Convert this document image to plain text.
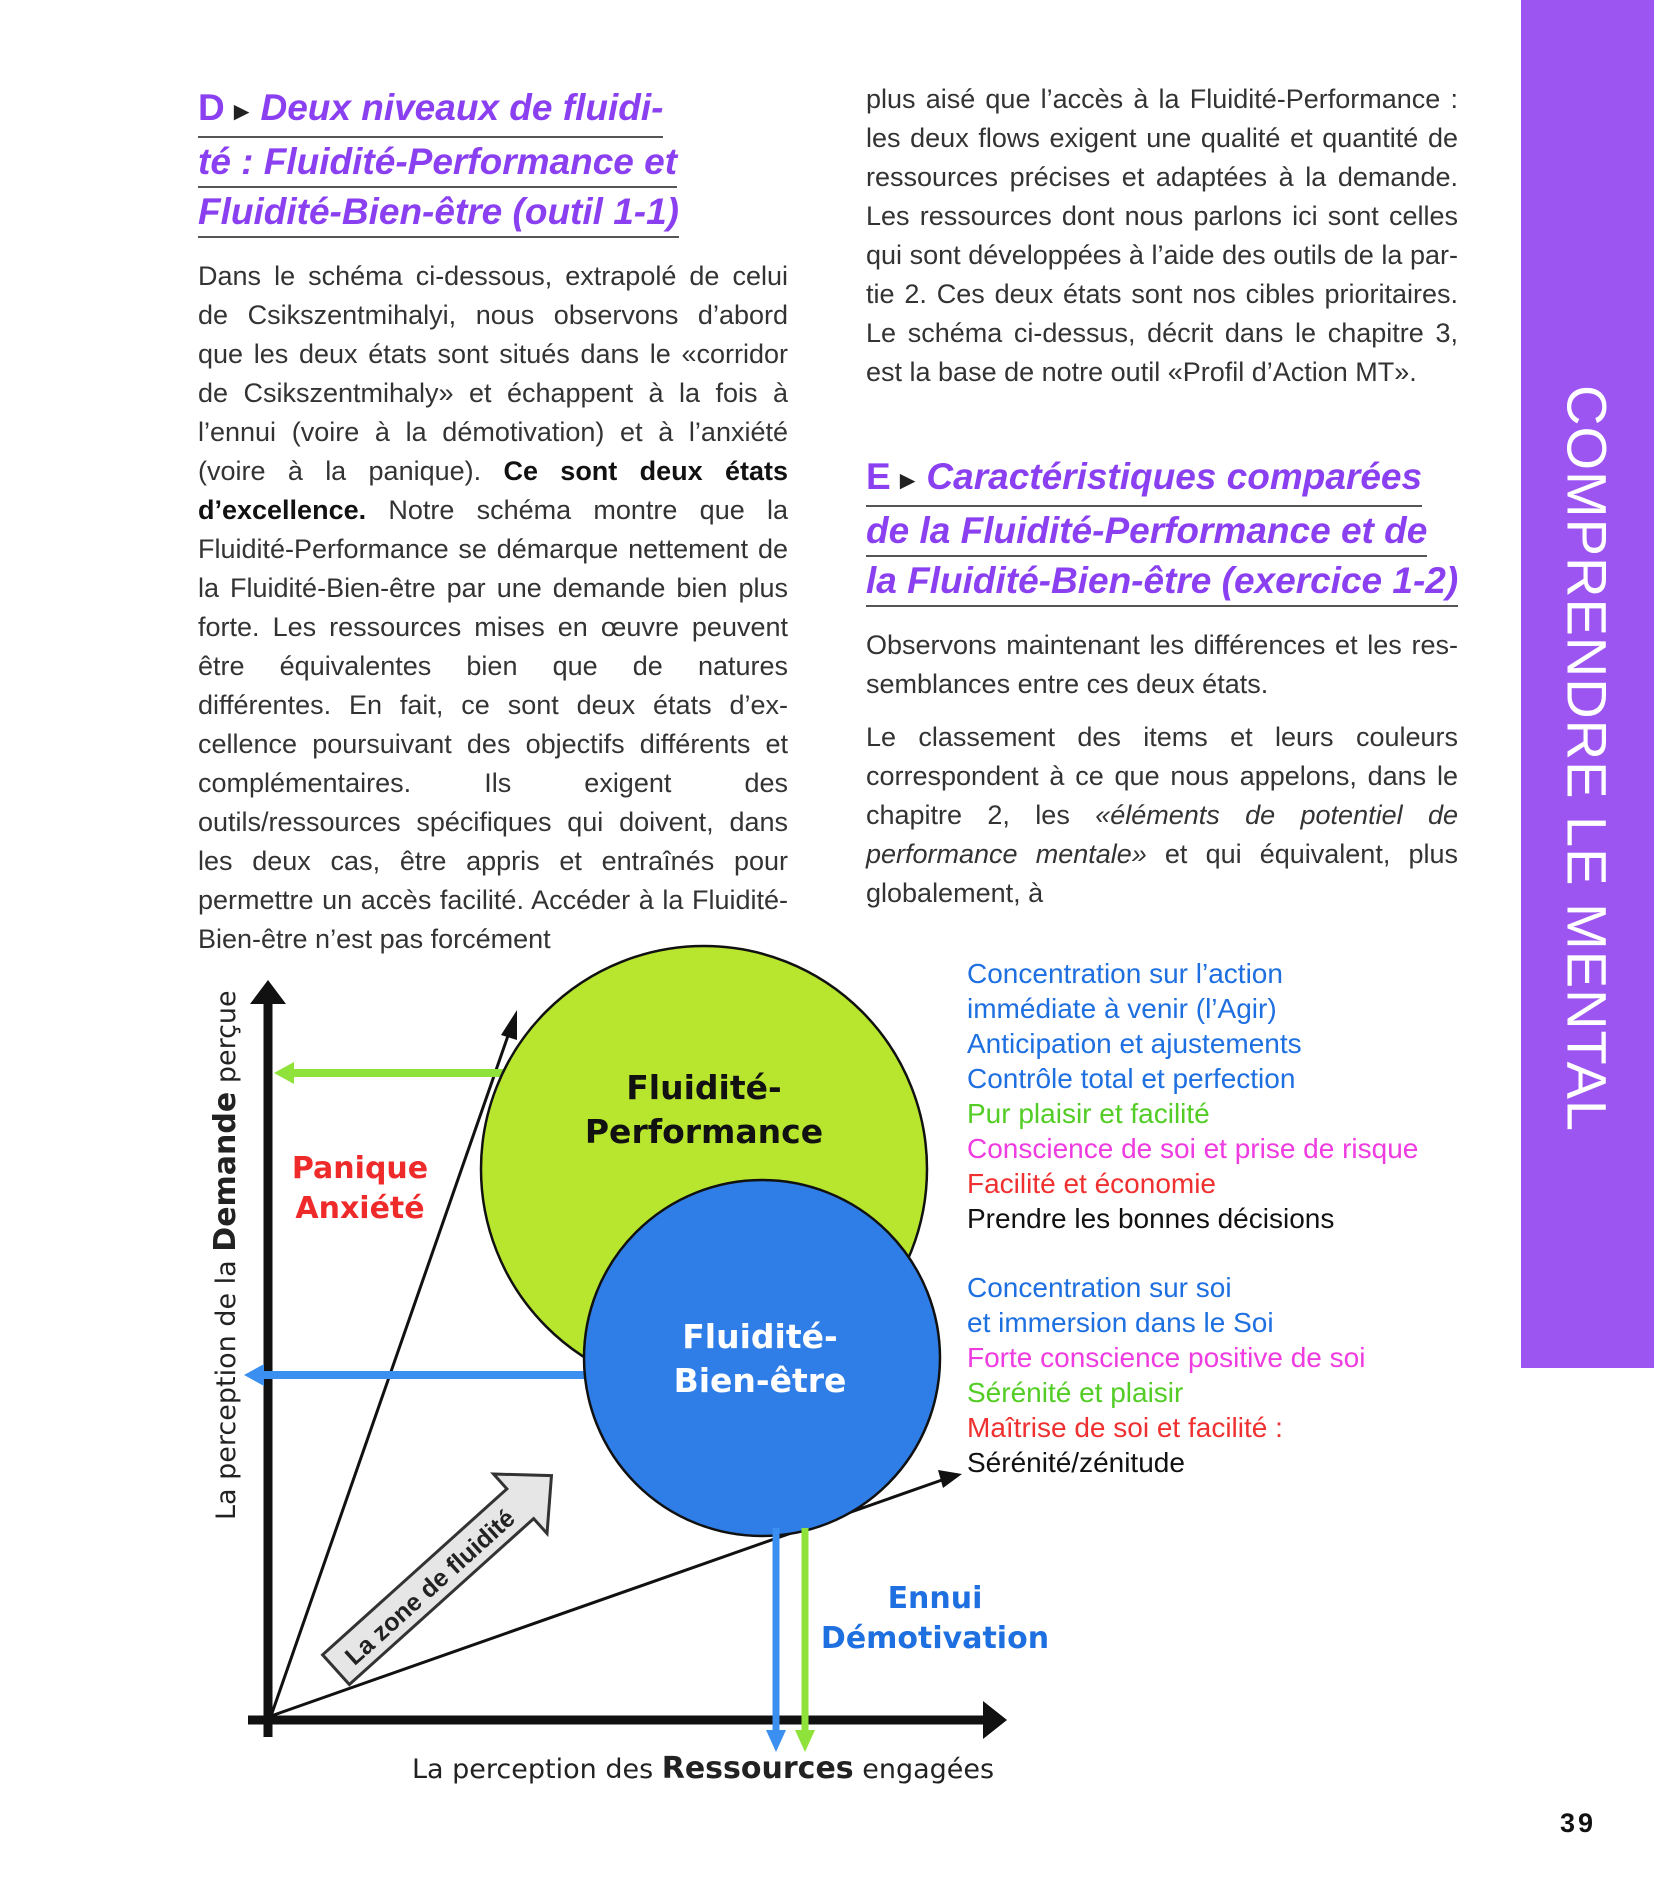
D ► Deux niveaux de fluidi-
té : Fluidité-Performance et
Fluidité-Bien-être (outil 1-1)

Dans le schéma ci-dessous, extrapolé de celui de Csikszentmihalyi, nous observons d’abord que les deux états sont situés dans le «corridor de Csikszentmihaly» et échappent à la fois à l’ennui (voire à la démotivation) et à l’anxiété (voire à la panique). Ce sont deux états d’excellence. Notre schéma montre que la Fluidité-Performance se démarque nettement de la Fluidité-Bien-être par une demande bien plus forte. Les ressources mises en œuvre peuvent être équivalentes bien que de natures différentes. En fait, ce sont deux états d’excellence poursuivant des objectifs différents et complémentaires. Ils exigent des outils/ressources spécifiques qui doivent, dans les deux cas, être appris et entraînés pour permettre un accès facilité. Accéder à la Fluidité-Bien-être n’est pas forcément

plus aisé que l’accès à la Fluidité-Performance : les deux flows exigent une qualité et quantité de ressources précises et adaptées à la demande. Les ressources dont nous parlons ici sont celles qui sont développées à l’aide des outils de la partie 2. Ces deux états sont nos cibles prioritaires. Le schéma ci-dessus, décrit dans le chapitre 3, est la base de notre outil «Profil d’Action MT».

E ► Caractéristiques comparées
de la Fluidité-Performance et de
la Fluidité-Bien-être (exercice 1-2)

Observons maintenant les différences et les ressemblances entre ces deux états.

Le classement des items et leurs couleurs correspondent à ce que nous appelons, dans le chapitre 2, les «éléments de potentiel de performance mentale» et qui équivalent, plus globalement, à	COMPRENDRE LE MENTAL
La zone de fluidité
Fluidité-
Performance
Fluidité-
Bien-être
Panique
Anxiété
Ennui
Démotivation
La perception de la Demande perçue
La perception des Ressources engagées
Concentration sur l’action
immédiate à venir (l’Agir)
Anticipation et ajustements
Contrôle total et perfection
Pur plaisir et facilité
Conscience de soi et prise de risque
Facilité et économie
Prendre les bonnes décisions
Concentration sur soi
et immersion dans le Soi
Forte conscience positive de soi
Sérénité et plaisir
Maîtrise de soi et facilité :
Sérénité/zénitude
39
